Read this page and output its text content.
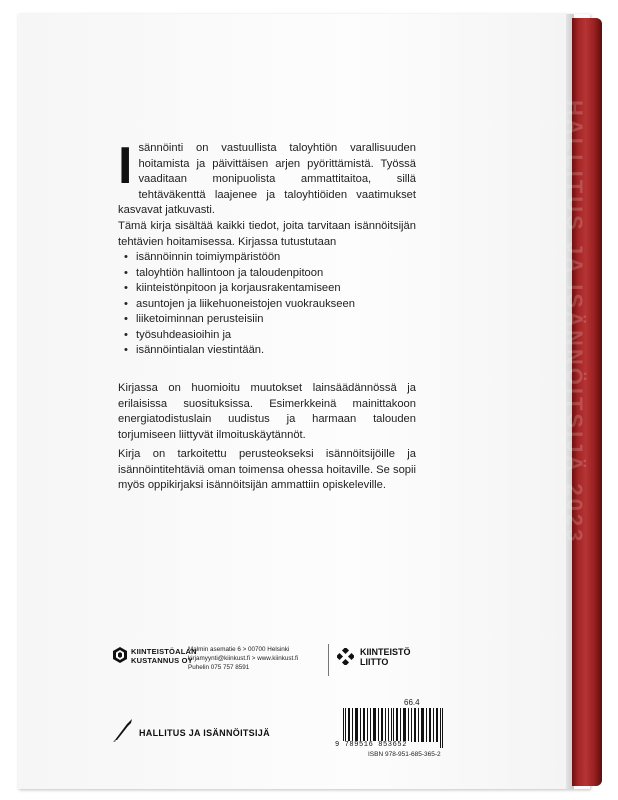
HALLITUS JA ISÄNNÖITSIJÄ 2023
Isännöinti on vastuullista taloyhtiön varallisuuden hoitamista ja päivittäisen arjen pyörittämistä. Työssä vaaditaan monipuolista ammattitaitoa, sillä tehtäväkenttä laajenee ja taloyhtiöiden vaatimukset kasvavat jatkuvasti.
Tämä kirja sisältää kaikki tiedot, joita tarvitaan isännöitsijän tehtävien hoitamisessa. Kirjassa tutustutaan
• isännöinnin toimiympäristöön
• taloyhtiön hallintoon ja taloudenpitoon
• kiinteistönpitoon ja korjausrakentamiseen
• asuntojen ja liikehuoneistojen vuokraukseen
• liiketoiminnan perusteisiin
• työsuhdeasioihin ja
• isännöintialan viestintään.
Kirjassa on huomioitu muutokset lainsäädännössä ja erilaisissa suosituksissa. Esimerkkeinä mainittakoon energiatodistuslain uudistus ja harmaan talouden torjumiseen liittyvät ilmoituskäytännöt.
Kirja on tarkoitettu perusteokseksi isännöitsijöille ja isännöintitehtäviä oman toimensa ohessa hoitaville. Se sopii myös oppikirjaksi isännöitsijän ammattiin opiskeleville.
KIINTEISTÖALAN
KUSTANNUS OY
Malmin asematie 6 > 00700 Helsinki
kirjamyynti@kiinkust.fi > www.kiinkust.fi
Puhelin 075 757 8591
KIINTEISTÖ
LIITTO
66.4
HALLITUS JA ISÄNNÖITSIJÄ
9 789516 853652
ISBN 978-951-685-365-2
